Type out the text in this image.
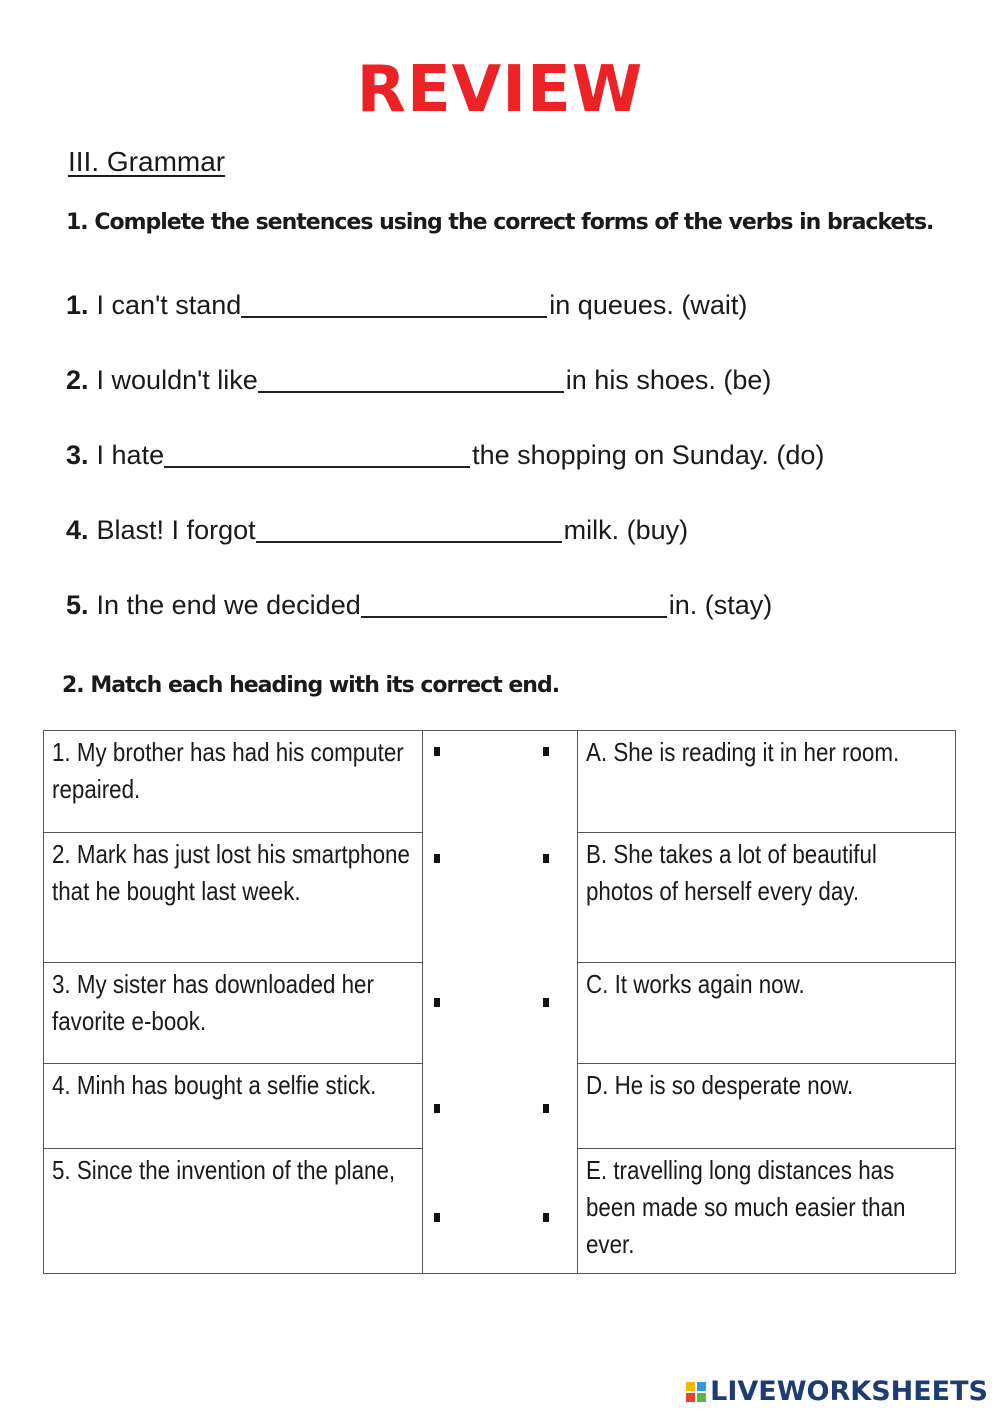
REVIEW
III. Grammar
1. Complete the sentences using the correct forms of the verbs in brackets.
1. I can't stand	in queues. (wait)
2. I wouldn't like	in his shoes. (be)
3. I hate	the shopping on Sunday. (do)
4. Blast! I forgot	milk. (buy)
5. In the end we decided	in. (stay)
2. Match each heading with its correct end.
1. My brother has had his computer repaired.		A. She is reading it in her room.
2. Mark has just lost his smartphone that he bought last week.		B. She takes a lot of beautiful photos of herself every day.
3. My sister has downloaded her favorite e-book.		C. It works again now.
4. Minh has bought a selfie stick.		D. He is so desperate now.
5. Since the invention of the plane,		E. travelling long distances has been made so much easier than ever.
LIVEWORKSHEETS
